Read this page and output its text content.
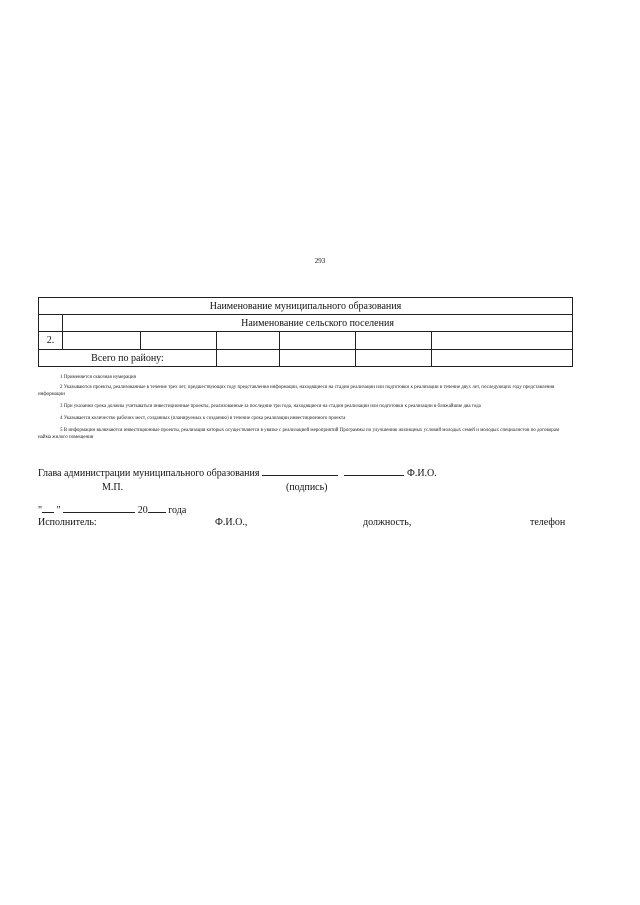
293
Наименование муниципального образования						
	Наименование сельского поселения					
2.						
Всего по району:						

1 Применяется сквозная нумерация

2 Указываются проекты, реализованные в течение трех лет, предшествующих году представления информации, находящиеся на стадии реализации или подготовки к реализации в течение двух лет, последующих году представления информации

3 При указании срока должны учитываться инвестиционные проекты, реализованные за последние три года, находящиеся на стадии реализации или подготовки к реализации в ближайшие два года

4 Указывается количество рабочих мест, созданных (планируемых к созданию) в течение срока реализации инвестиционного проекта

5 В информации включаются инвестиционные проекты, реализация которых осуществляется в увязке с реализацией мероприятий Программы по улучшению жилищных условий молодых семей и молодых специалистов по договорам найма жилого помещения

Глава администрации муниципального образования	Ф.И.О.
М.П.	(подпись)
" "	20 года
Исполнитель:	Ф.И.О.,	должность,	телефон
